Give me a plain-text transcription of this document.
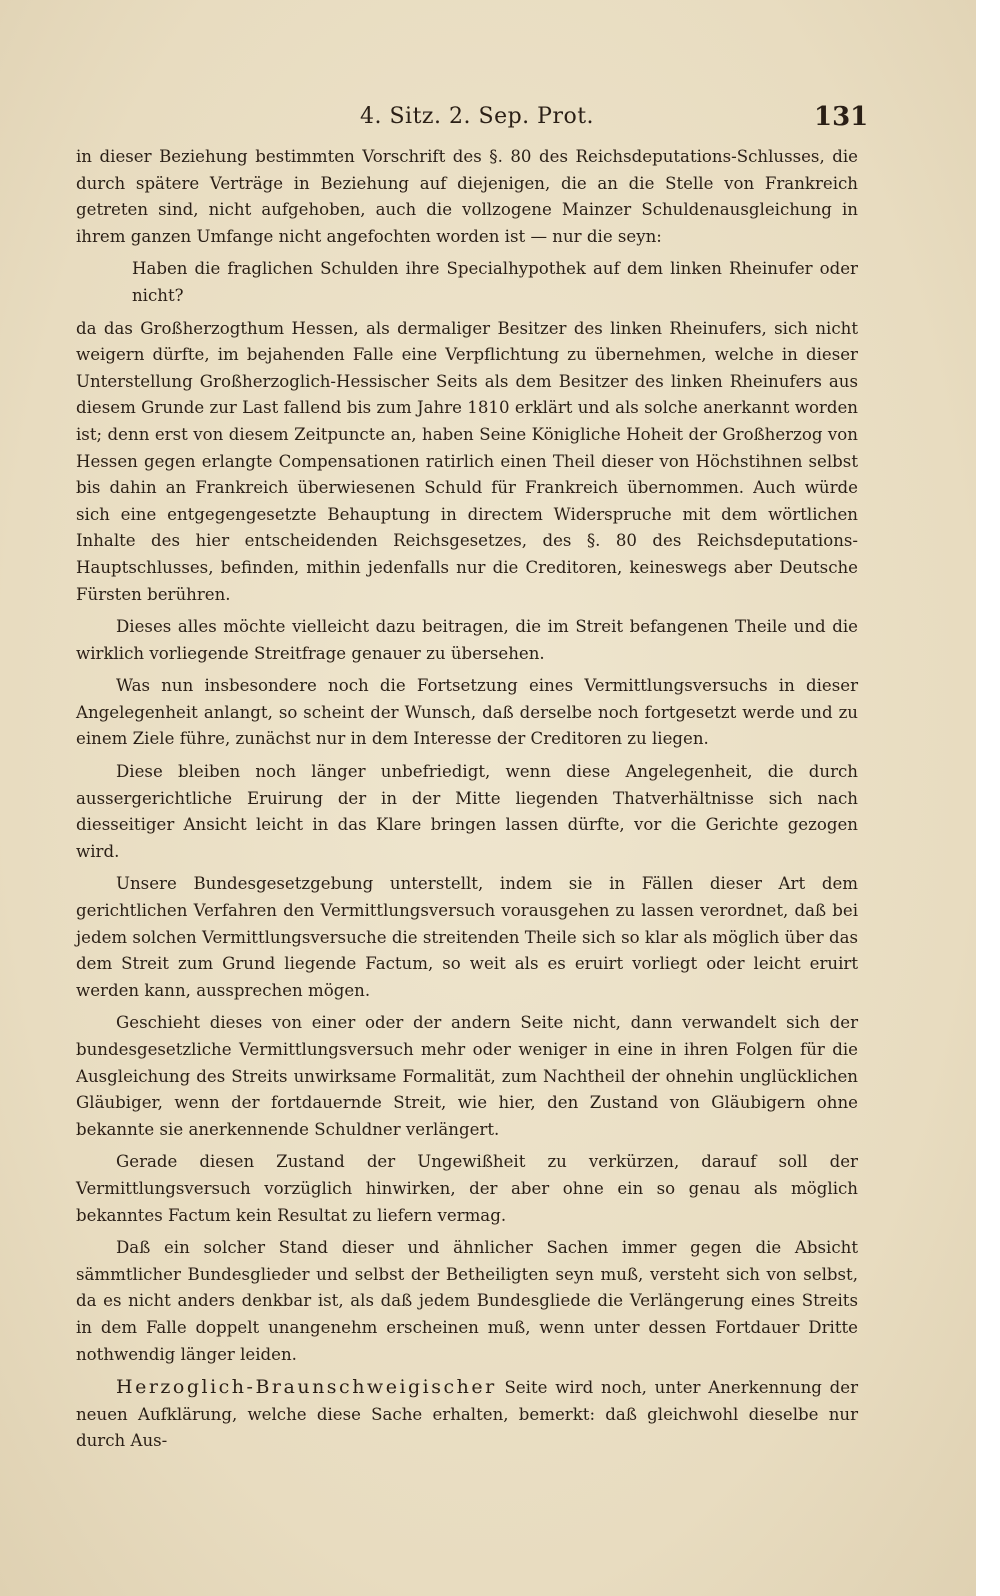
4. Sitz. 2. Sep. Prot.	131

in dieser Beziehung bestimmten Vorschrift des §. 80 des Reichsdeputations-Schlusses, die durch spätere Verträge in Beziehung auf diejenigen, die an die Stelle von Frankreich getreten sind, nicht aufgehoben, auch die vollzogene Mainzer Schuldenausgleichung in ihrem ganzen Umfange nicht angefochten worden ist — nur die seyn:

Haben die fraglichen Schulden ihre Specialhypothek auf dem linken Rheinufer oder nicht?

da das Großherzogthum Hessen, als dermaliger Besitzer des linken Rheinufers, sich nicht weigern dürfte, im bejahenden Falle eine Verpflichtung zu übernehmen, welche in dieser Unterstellung Großherzoglich-Hessischer Seits als dem Besitzer des linken Rheinufers aus diesem Grunde zur Last fallend bis zum Jahre 1810 erklärt und als solche anerkannt worden ist; denn erst von diesem Zeitpuncte an, haben Seine Königliche Hoheit der Großherzog von Hessen gegen erlangte Compensationen ratirlich einen Theil dieser von Höchstihnen selbst bis dahin an Frankreich überwiesenen Schuld für Frankreich übernommen. Auch würde sich eine entgegengesetzte Behauptung in directem Widerspruche mit dem wörtlichen Inhalte des hier entscheidenden Reichsgesetzes, des §. 80 des Reichsdeputations-Hauptschlusses, befinden, mithin jedenfalls nur die Creditoren, keineswegs aber Deutsche Fürsten berühren.

Dieses alles möchte vielleicht dazu beitragen, die im Streit befangenen Theile und die wirklich vorliegende Streitfrage genauer zu übersehen.

Was nun insbesondere noch die Fortsetzung eines Vermittlungsversuchs in dieser Angelegenheit anlangt, so scheint der Wunsch, daß derselbe noch fortgesetzt werde und zu einem Ziele führe, zunächst nur in dem Interesse der Creditoren zu liegen.

Diese bleiben noch länger unbefriedigt, wenn diese Angelegenheit, die durch aussergerichtliche Eruirung der in der Mitte liegenden Thatverhältnisse sich nach diesseitiger Ansicht leicht in das Klare bringen lassen dürfte, vor die Gerichte gezogen wird.

Unsere Bundesgesetzgebung unterstellt, indem sie in Fällen dieser Art dem gerichtlichen Verfahren den Vermittlungsversuch vorausgehen zu lassen verordnet, daß bei jedem solchen Vermittlungsversuche die streitenden Theile sich so klar als möglich über das dem Streit zum Grund liegende Factum, so weit als es eruirt vorliegt oder leicht eruirt werden kann, aussprechen mögen.

Geschieht dieses von einer oder der andern Seite nicht, dann verwandelt sich der bundesgesetzliche Vermittlungsversuch mehr oder weniger in eine in ihren Folgen für die Ausgleichung des Streits unwirksame Formalität, zum Nachtheil der ohnehin unglücklichen Gläubiger, wenn der fortdauernde Streit, wie hier, den Zustand von Gläubigern ohne bekannte sie anerkennende Schuldner verlängert.

Gerade diesen Zustand der Ungewißheit zu verkürzen, darauf soll der Vermittlungsversuch vorzüglich hinwirken, der aber ohne ein so genau als möglich bekanntes Factum kein Resultat zu liefern vermag.

Daß ein solcher Stand dieser und ähnlicher Sachen immer gegen die Absicht sämmtlicher Bundesglieder und selbst der Betheiligten seyn muß, versteht sich von selbst, da es nicht anders denkbar ist, als daß jedem Bundesgliede die Verlängerung eines Streits in dem Falle doppelt unangenehm erscheinen muß, wenn unter dessen Fortdauer Dritte nothwendig länger leiden.

Herzoglich-Braunschweigischer Seite wird noch, unter Anerkennung der neuen Aufklärung, welche diese Sache erhalten, bemerkt: daß gleichwohl dieselbe nur durch Aus-
